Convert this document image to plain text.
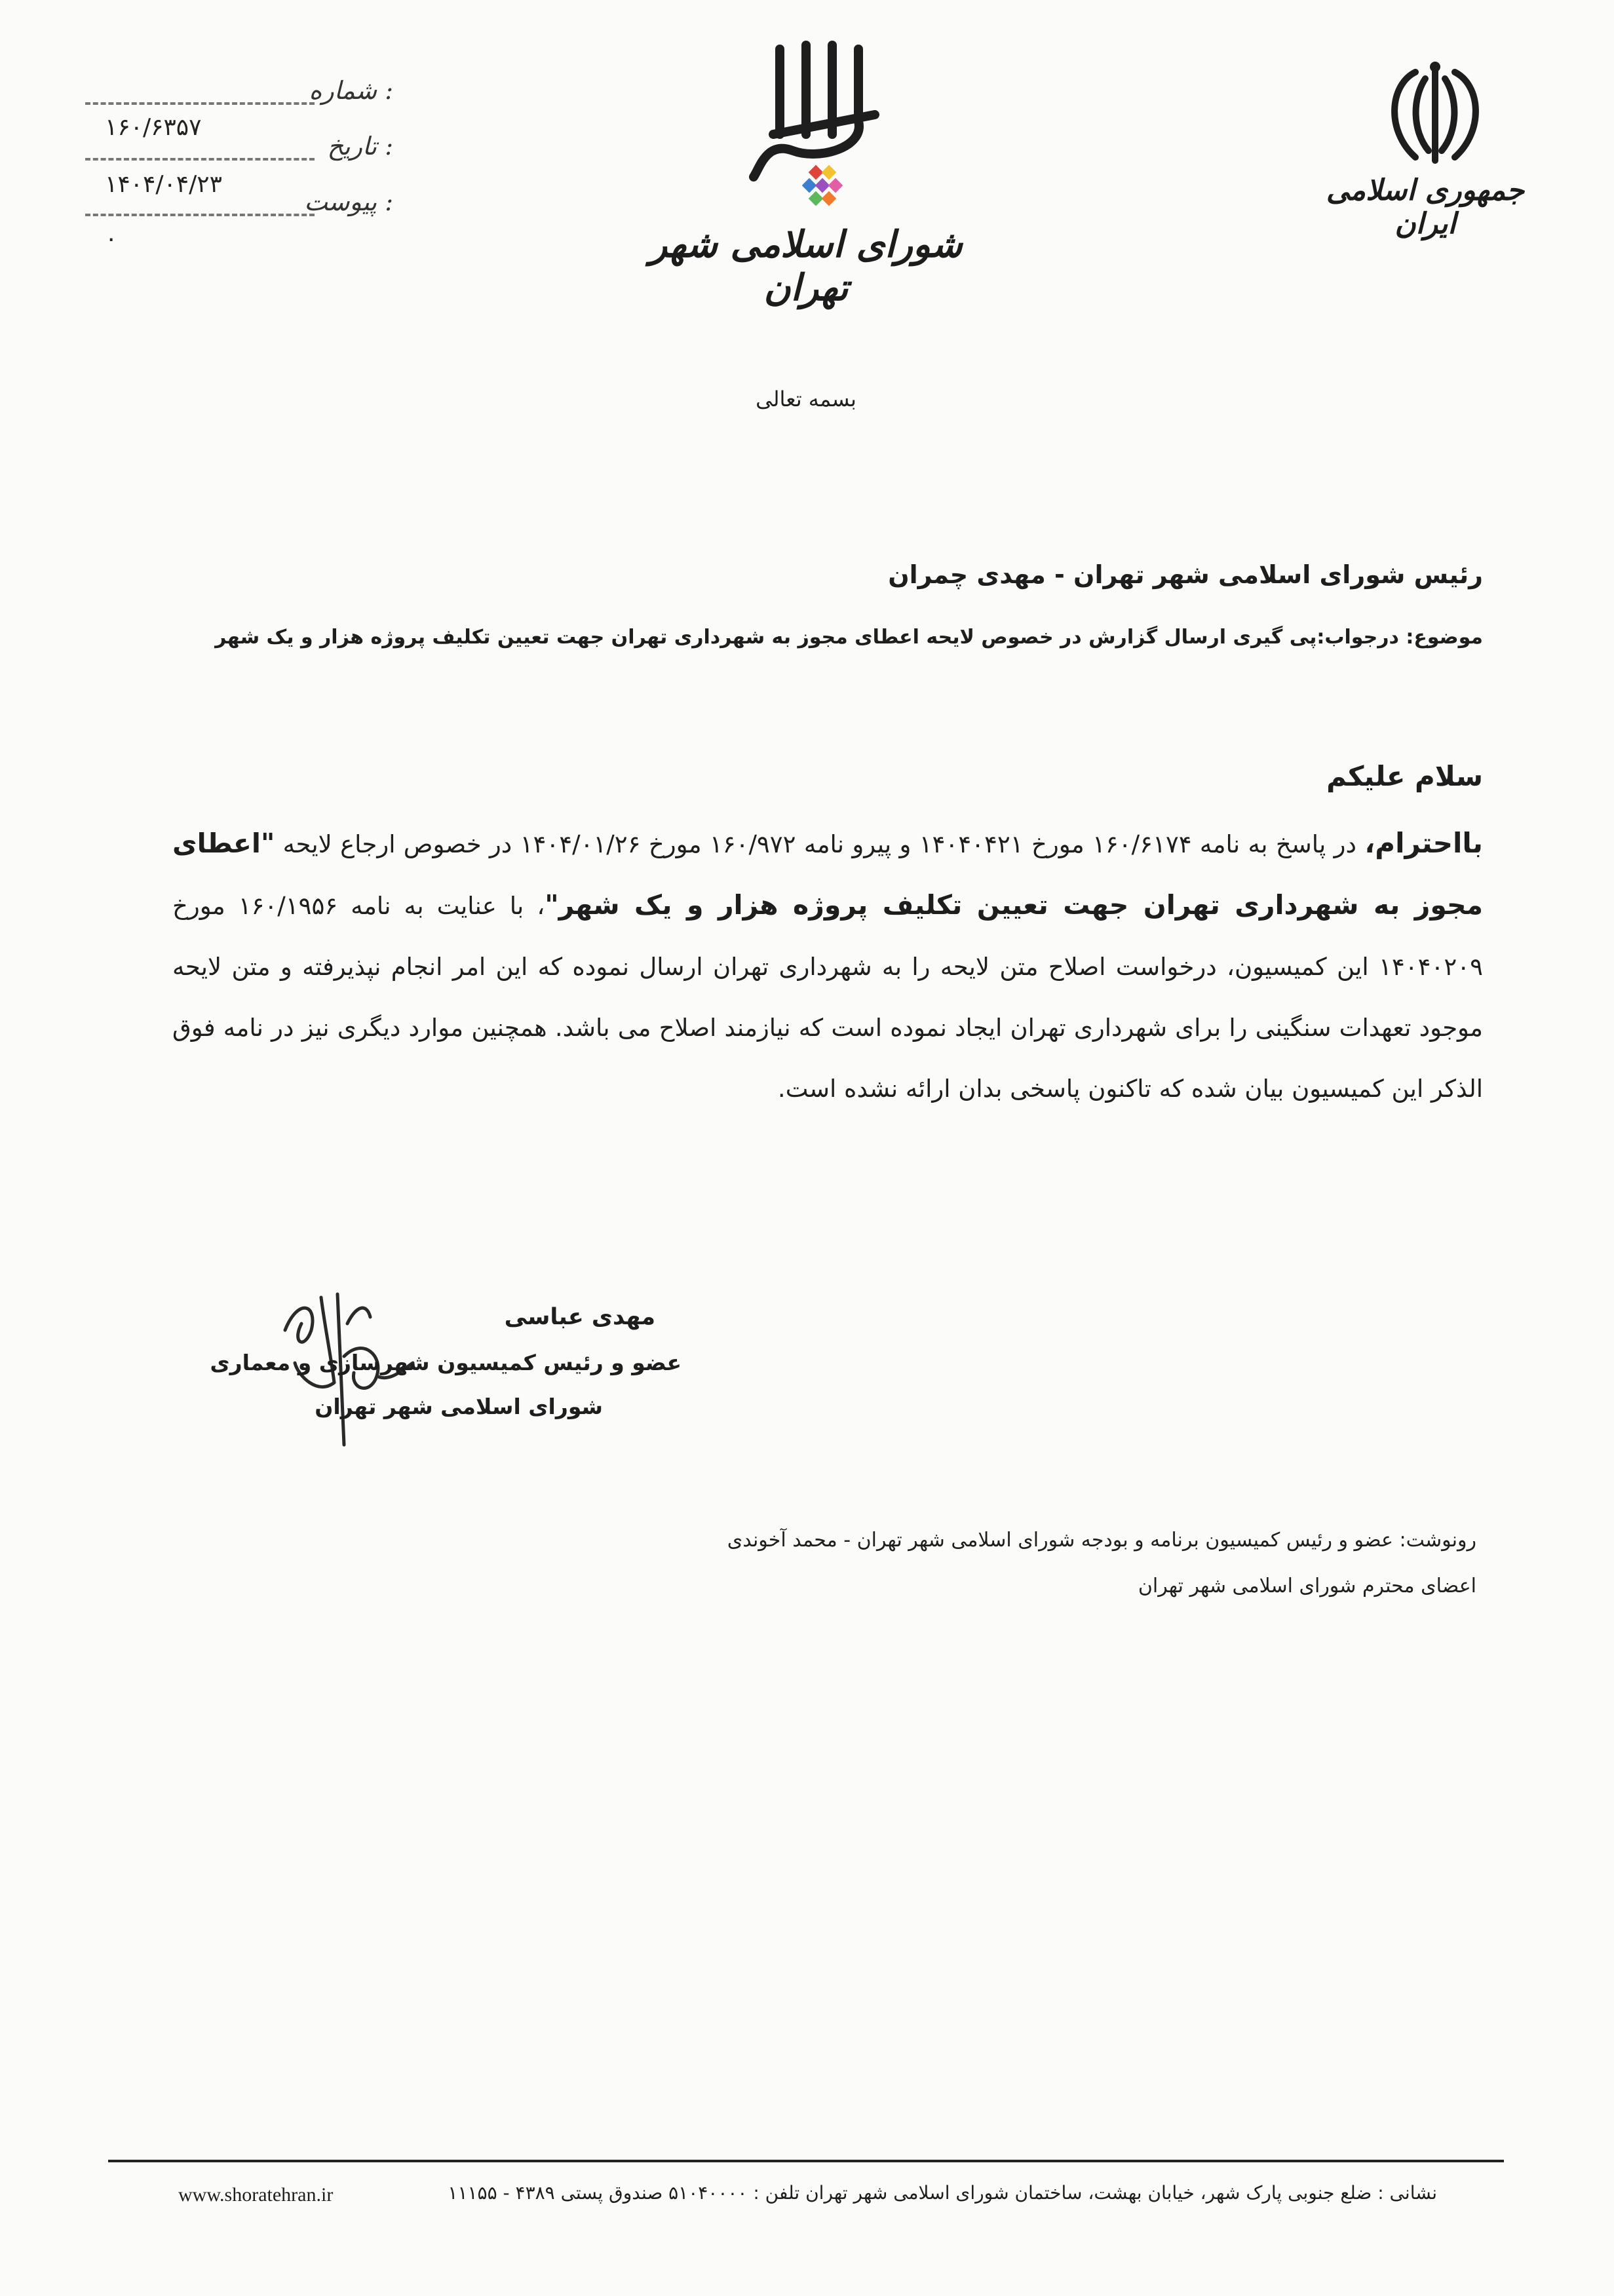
شماره :
۱۶۰/۶۳۵۷
تاریخ :
۱۴۰۴/۰۴/۲۳
پیوست :
۰	شورای اسلامی شهر تهران
جمهوری اسلامی ایران
بسمه تعالی
رئیس شورای اسلامی شهر تهران - مهدی چمران
موضوع: درجواب:پی گیری ارسال گزارش در خصوص لایحه اعطای مجوز به شهرداری تهران جهت تعیین تکلیف پروژه هزار و یک شهر
سلام علیکم
بااحترام، در پاسخ به نامه ۱۶۰/۶۱۷۴ مورخ ۱۴۰۴۰۴۲۱ و پیرو نامه ۱۶۰/۹۷۲ مورخ ۱۴۰۴/۰۱/۲۶ در خصوص ارجاع لایحه "اعطای مجوز به شهرداری تهران جهت تعیین تکلیف پروژه هزار و یک شهر"، با عنایت به نامه ۱۶۰/۱۹۵۶ مورخ ۱۴۰۴۰۲۰۹ این کمیسیون، درخواست اصلاح متن لایحه را به شهرداری تهران ارسال نموده که این امر انجام نپذیرفته و متن لایحه موجود تعهدات سنگینی را برای شهرداری تهران ایجاد نموده است که نیازمند اصلاح می باشد. همچنین موارد دیگری نیز در نامه فوق الذکر این کمیسیون بیان شده که تاکنون پاسخی بدان ارائه نشده است.
مهدی عباسی
عضو و رئیس کمیسیون شهرسازی و معماری
شورای اسلامی شهر تهران
رونوشت: عضو و رئیس کمیسیون برنامه و بودجه شورای اسلامی شهر تهران - محمد آخوندی
اعضای محترم شورای اسلامی شهر تهران
نشانی : ضلع جنوبی پارک شهر، خیابان بهشت، ساختمان شورای اسلامی شهر تهران تلفن : ۵۱۰۴۰۰۰۰ صندوق پستی ۴۳۸۹ - ۱۱۱۵۵
www.shoratehran.ir
